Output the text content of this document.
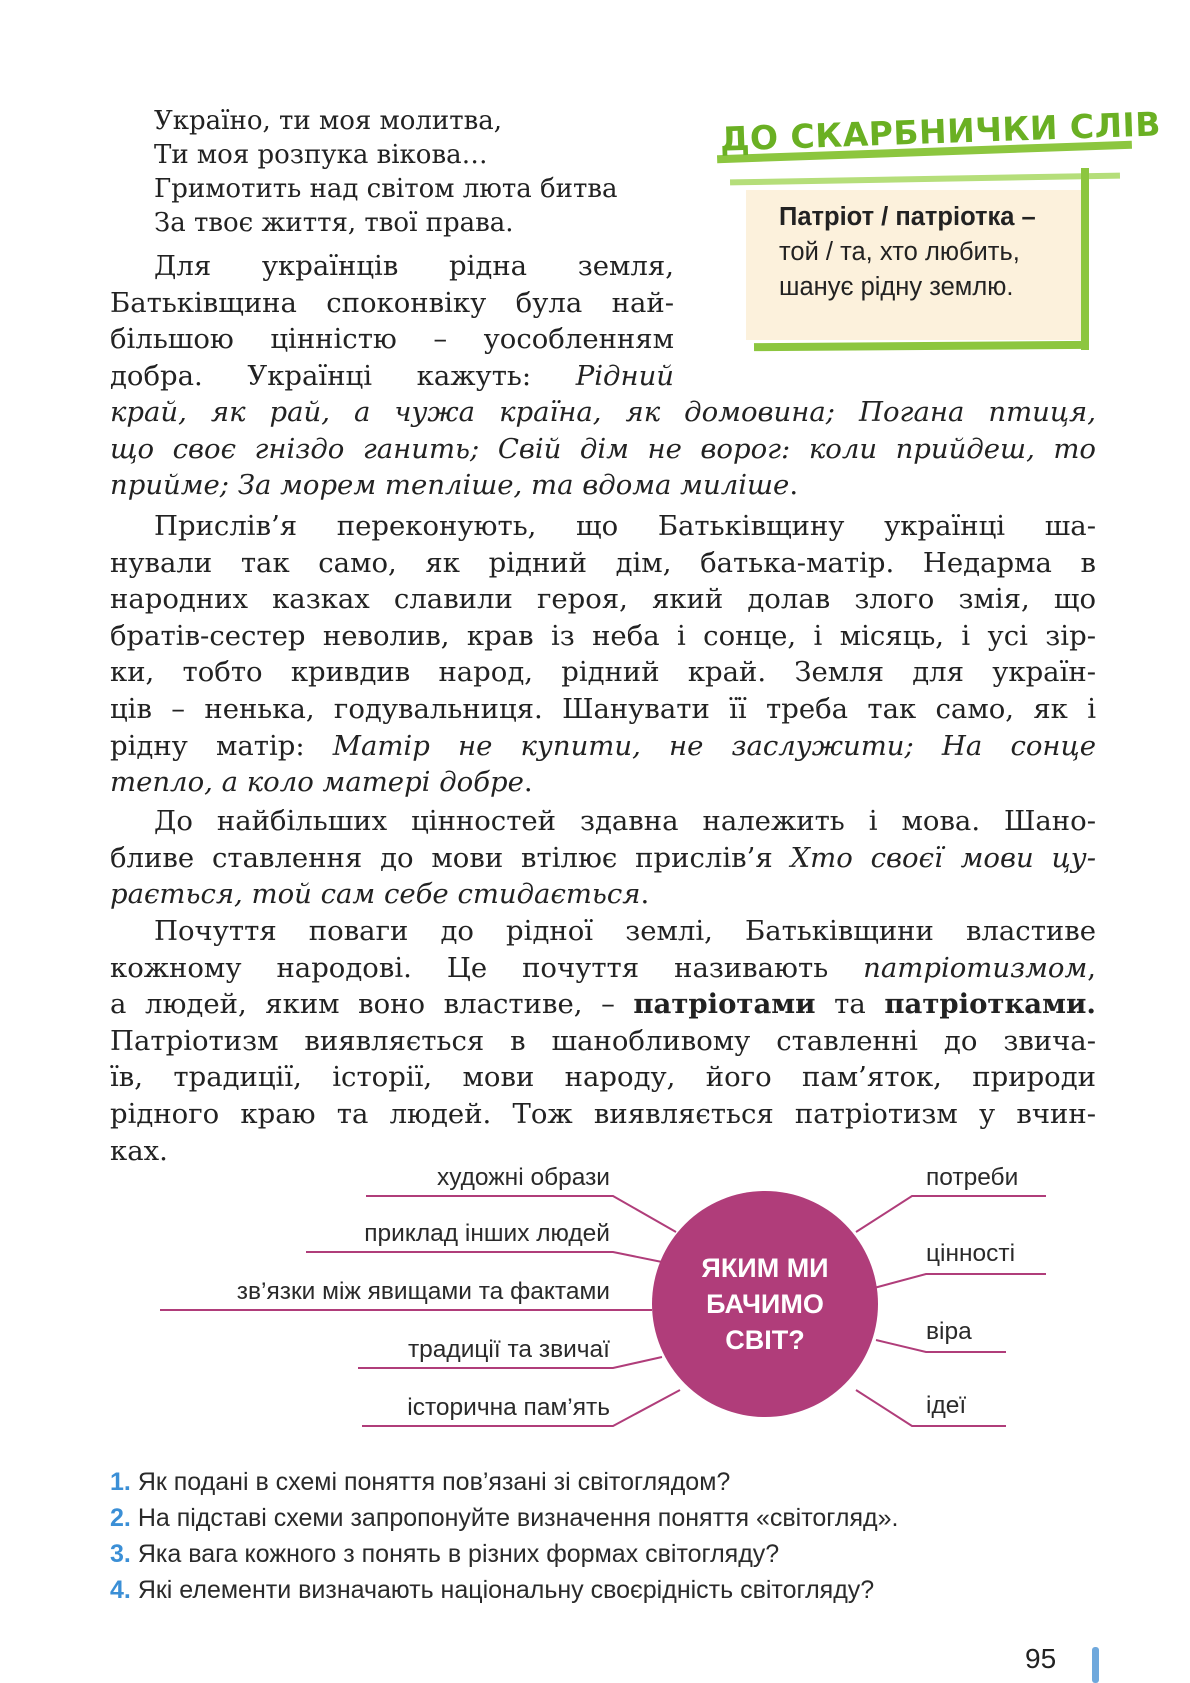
Україно, ти моя молитва,
Ти моя розпука вікова…
Гримотить над світом люта битва
За твоє життя, твої права.
ДО СКАРБНИЧКИ СЛІВ
Патріот / патріотка –
той / та, хто любить,
шанує рідну землю.
Для українців рідна земля,
Батьківщина споконвіку була най-
більшою цінністю – уособленням
добра. Українці кажуть: Рідний
край, як рай, а чужа країна, як домовина; Погана птиця,
що своє гніздо ганить; Свій дім не ворог: коли прийдеш, то
прийме; За морем тепліше, та вдома миліше.
Прислів’я переконують, що Батьківщину українці ша-
нували так само, як рідний дім, батька-матір. Недарма в
народних казках славили героя, який долав злого змія, що
братів-сестер неволив, крав із неба і сонце, і місяць, і усі зір-
ки, тобто кривдив народ, рідний край. Земля для україн-
ців – ненька, годувальниця. Шанувати її треба так само, як і
рідну матір: Матір не купити, не заслужити; На сонце
тепло, а коло матері добре.
До найбільших цінностей здавна належить і мова. Шано-
бливе ставлення до мови втілює прислів’я Хто своєї мови цу-
рається, той сам себе стидається.
Почуття поваги до рідної землі, Батьківщини властиве
кожному народові. Це почуття називають патріотизмом,
а людей, яким воно властиве, – патріотами та патріотками.
Патріотизм виявляється в шанобливому ставленні до звича-
їв, традиції, історії, мови народу, його пам’яток, природи
рідного краю та людей. Тож виявляється патріотизм у вчин-
ках.
художні образи
приклад інших людей
зв’язки між явищами та фактами
традиції та звичаї
історична пам’ять
потреби
цінності
віра
ідеї
ЯКИМ МИ
БАЧИМО
СВІТ?
1. Як подані в схемі поняття пов’язані зі світоглядом?
2. На підставі схеми запропонуйте визначення поняття «світогляд».
3. Яка вага кожного з понять в різних формах світогляду?
4. Які елементи визначають національну своєрідність світогляду?
95
